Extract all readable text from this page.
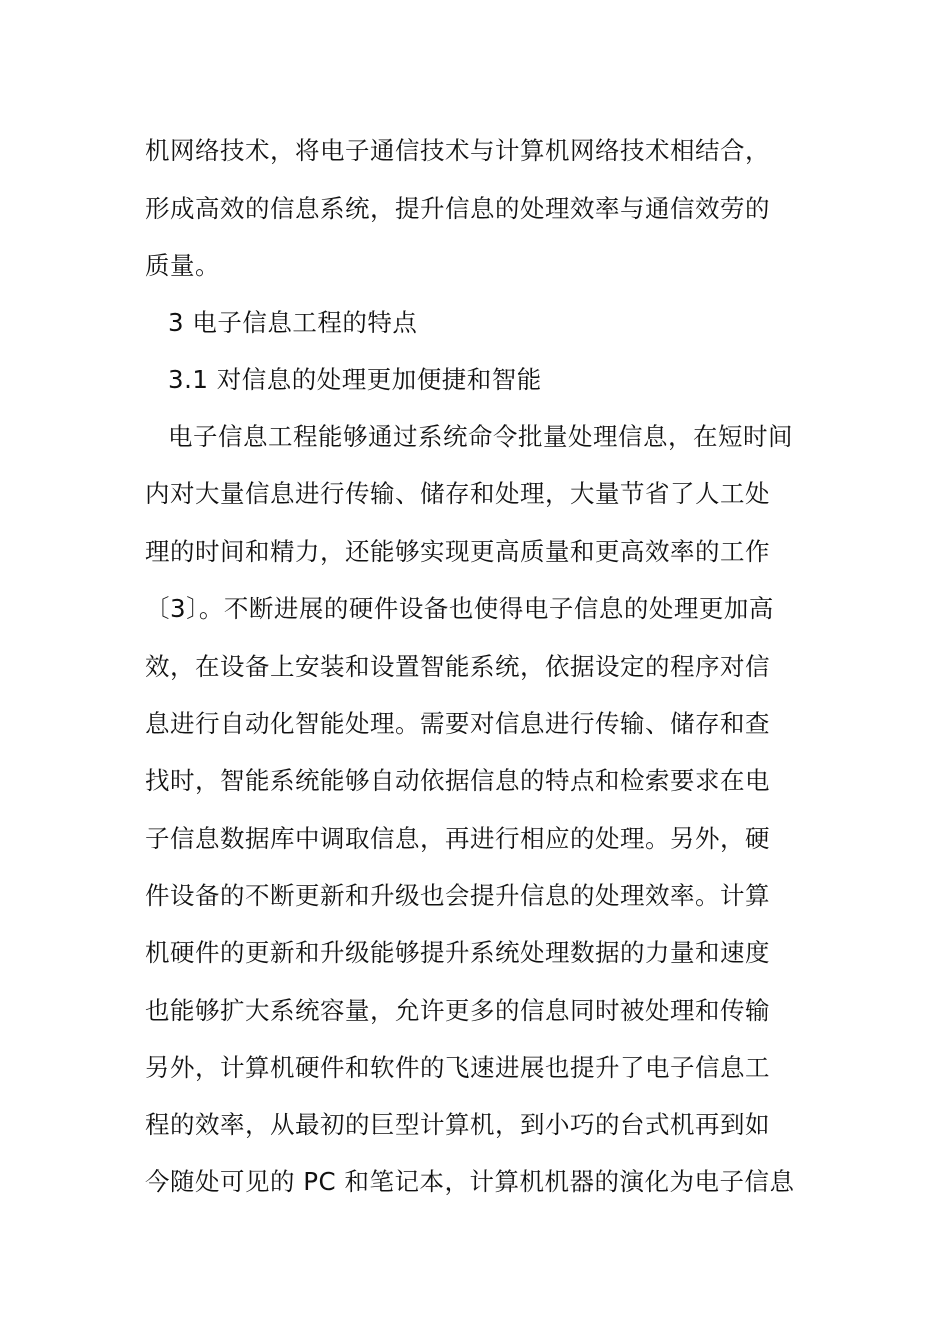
机网络技术，将电子通信技术与计算机网络技术相结合，
形成高效的信息系统，提升信息的处理效率与通信效劳的
质量。
3 电子信息工程的特点
3.1 对信息的处理更加便捷和智能
电子信息工程能够通过系统命令批量处理信息，在短时间
内对大量信息进行传输、储存和处理，大量节省了人工处
理的时间和精力，还能够实现更高质量和更高效率的工作
〔3〕。不断进展的硬件设备也使得电子信息的处理更加高
效，在设备上安装和设置智能系统，依据设定的程序对信
息进行自动化智能处理。需要对信息进行传输、储存和查
找时，智能系统能够自动依据信息的特点和检索要求在电
子信息数据库中调取信息，再进行相应的处理。另外，硬
件设备的不断更新和升级也会提升信息的处理效率。计算
机硬件的更新和升级能够提升系统处理数据的力量和速度
也能够扩大系统容量，允许更多的信息同时被处理和传输
另外，计算机硬件和软件的飞速进展也提升了电子信息工
程的效率，从最初的巨型计算机，到小巧的台式机再到如
今随处可见的 PC 和笔记本，计算机机器的演化为电子信息
